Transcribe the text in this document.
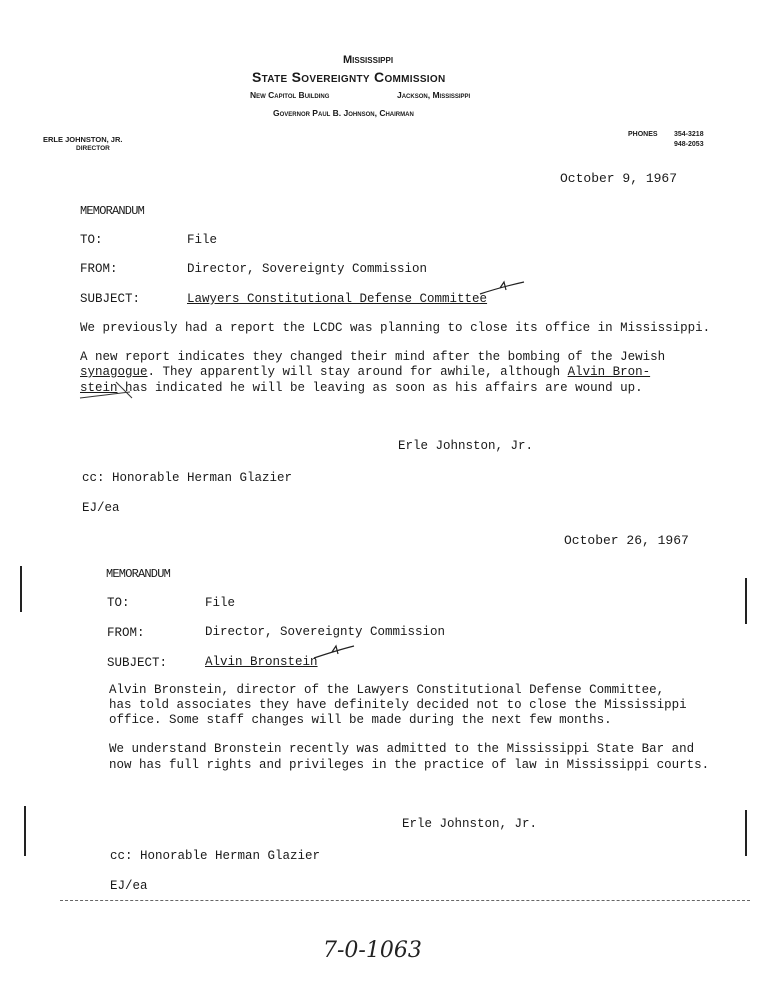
Mississippi
State Sovereignty Commission
New Capitol Building	Jackson, Mississippi
Governor Paul B. Johnson, Chairman
ERLE JOHNSTON, JR.
DIRECTOR
PHONES 354-3218
948-2053
October 9, 1967
MEMORANDUM
TO:	File
FROM:	Director, Sovereignty Commission
SUBJECT:	Lawyers Constitutional Defense Committee
We previously had a report the LCDC was planning to close its office in Mississippi.
A new report indicates they changed their mind after the bombing of the Jewish
synagogue. They apparently will stay around for awhile, although Alvin Bron-
stein has indicated he will be leaving as soon as his affairs are wound up.
Erle Johnston, Jr.
cc: Honorable Herman Glazier
EJ/ea
October 26, 1967
MEMORANDUM
TO:	File
FROM:	Director, Sovereignty Commission
SUBJECT:	Alvin Bronstein
Alvin Bronstein, director of the Lawyers Constitutional Defense Committee,
has told associates they have definitely decided not to close the Mississippi
office. Some staff changes will be made during the next few months.
We understand Bronstein recently was admitted to the Mississippi State Bar and
now has full rights and privileges in the practice of law in Mississippi courts.
Erle Johnston, Jr.
cc: Honorable Herman Glazier
EJ/ea
7-0-1063
